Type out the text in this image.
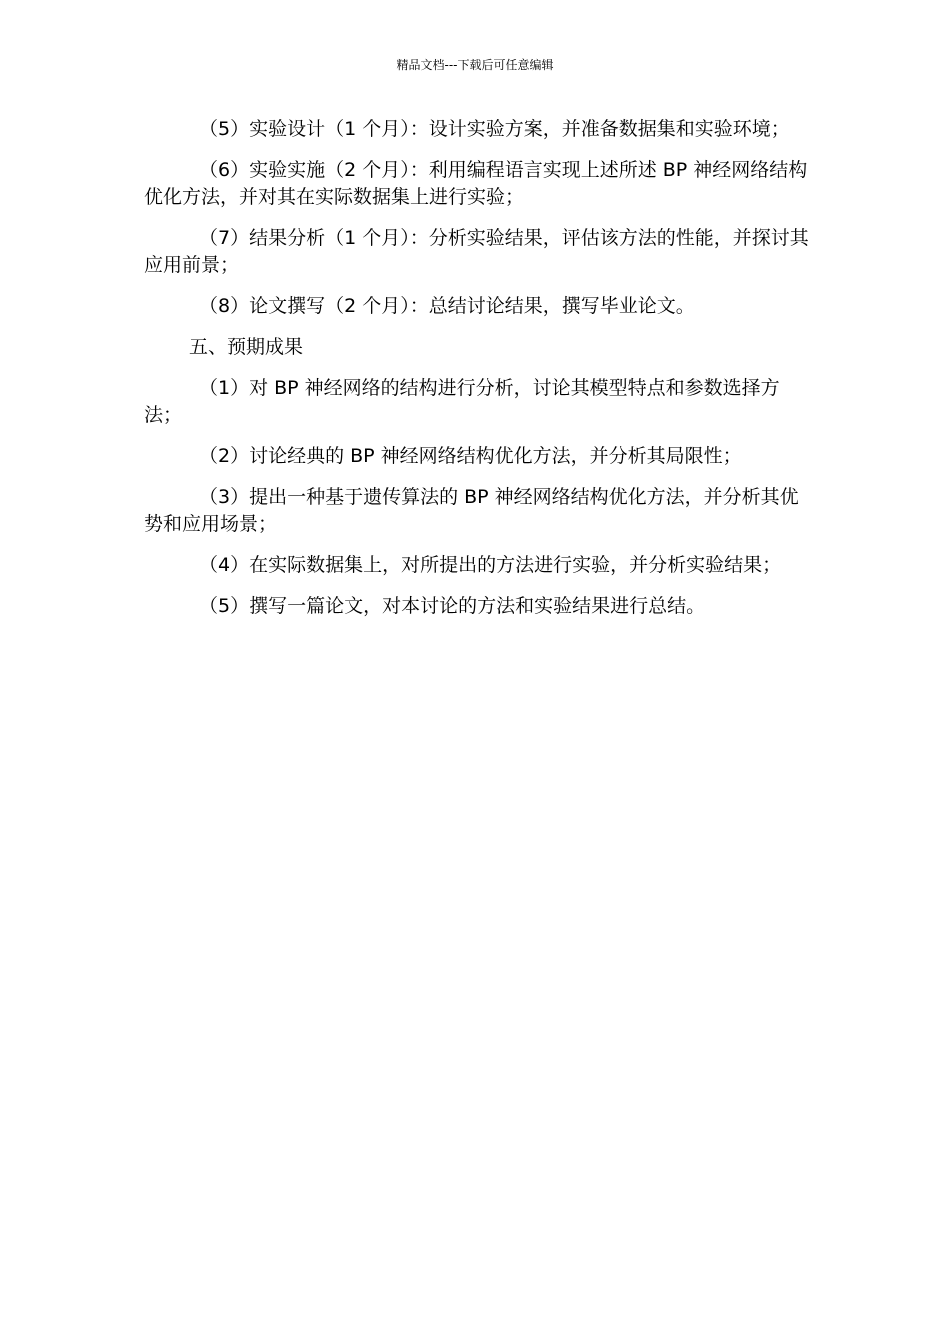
精品文档---下载后可任意编辑

（5）实验设计（1 个月）：设计实验方案，并准备数据集和实验环境；

（6）实验实施（2 个月）：利用编程语言实现上述所述 BP 神经网络结构优化方法，并对其在实际数据集上进行实验；

（7）结果分析（1 个月）：分析实验结果，评估该方法的性能，并探讨其应用前景；

（8）论文撰写（2 个月）：总结讨论结果，撰写毕业论文。

五、预期成果

（1）对 BP 神经网络的结构进行分析，讨论其模型特点和参数选择方法；

（2）讨论经典的 BP 神经网络结构优化方法，并分析其局限性；

（3）提出一种基于遗传算法的 BP 神经网络结构优化方法，并分析其优势和应用场景；

（4）在实际数据集上，对所提出的方法进行实验，并分析实验结果；

（5）撰写一篇论文，对本讨论的方法和实验结果进行总结。
